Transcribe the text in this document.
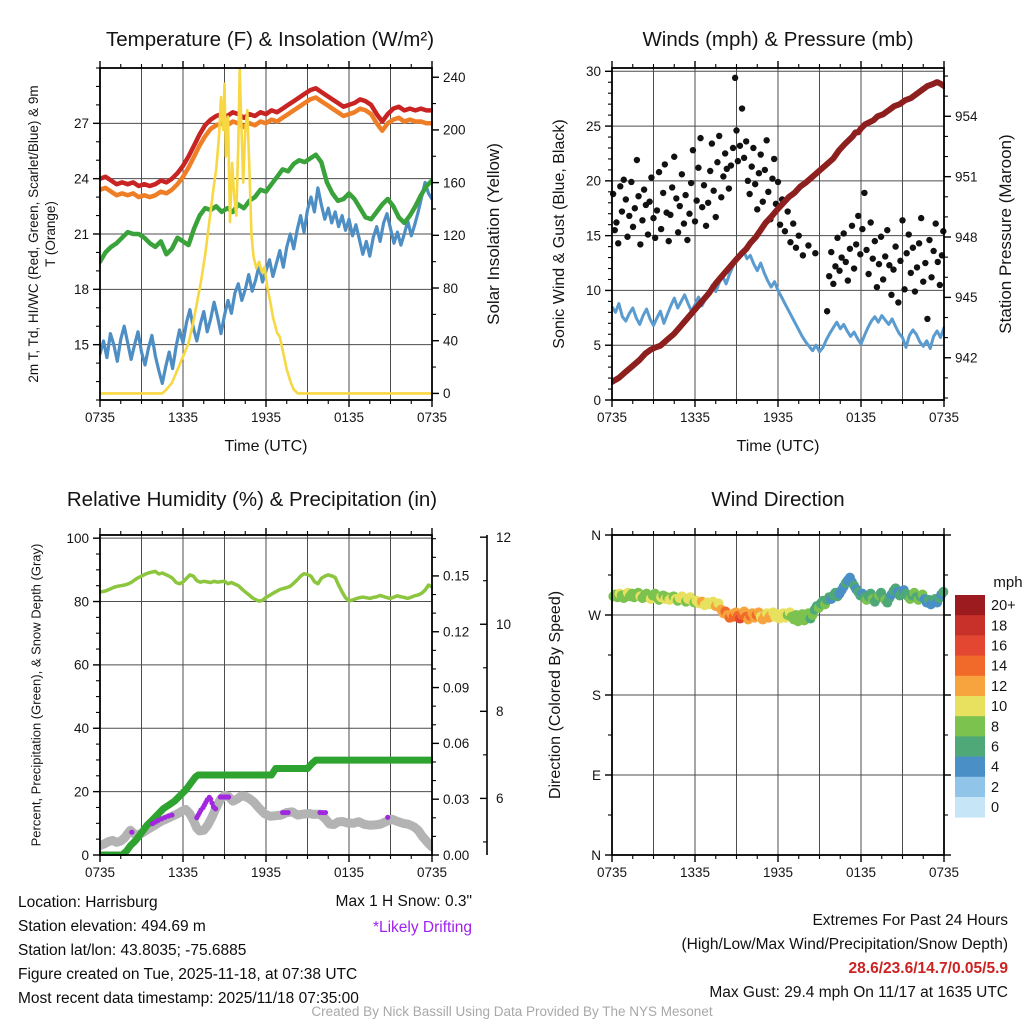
0735	1335	1935	0135	0735
15
18
21
24
27
0
40
80
120
160
200
240
0735	1335	1935	0135	0735
0
5
10
15
20
25
30
942
945
948
951
954
0735	1335	1935	0135	0735
0
20
40
60
80
100
0.00
0.03
0.06
0.09
0.12
0.15
6
8
10
12
0735	1335	1935	0135	0735
N
W
S
E
N
mph
20+
18
16
14
12
10
8
6
4
2
0
Temperature (F) & Insolation (W/m²)	Winds (mph) & Pressure (mb)
Relative Humidity (%) & Precipitation (in)	Wind Direction
Time (UTC)	Time (UTC)
2m T, Td, HI/WC (Red, Green, Scarlet/Blue) & 9m T (Orange)	Solar Insolation (Yellow)	Sonic Wind & Gust (Blue, Black)	Station Pressure (Maroon)
Percent, Precipitation (Green), & Snow Depth (Gray)	Direction (Colored By Speed)
Location: Harrisburg
Station elevation: 494.69 m
Station lat/lon: 43.8035; -75.6885
Figure created on Tue, 2025-11-18, at 07:38 UTC
Most recent data timestamp: 2025/11/18 07:35:00
Max 1 H Snow: 0.3"
*Likely Drifting	Extremes For Past 24 Hours
(High/Low/Max Wind/Precipitation/Snow Depth)
28.6/23.6/14.7/0.05/5.9
Max Gust: 29.4 mph On 11/17 at 1635 UTC
Created By Nick Bassill Using Data Provided By The NYS Mesonet
